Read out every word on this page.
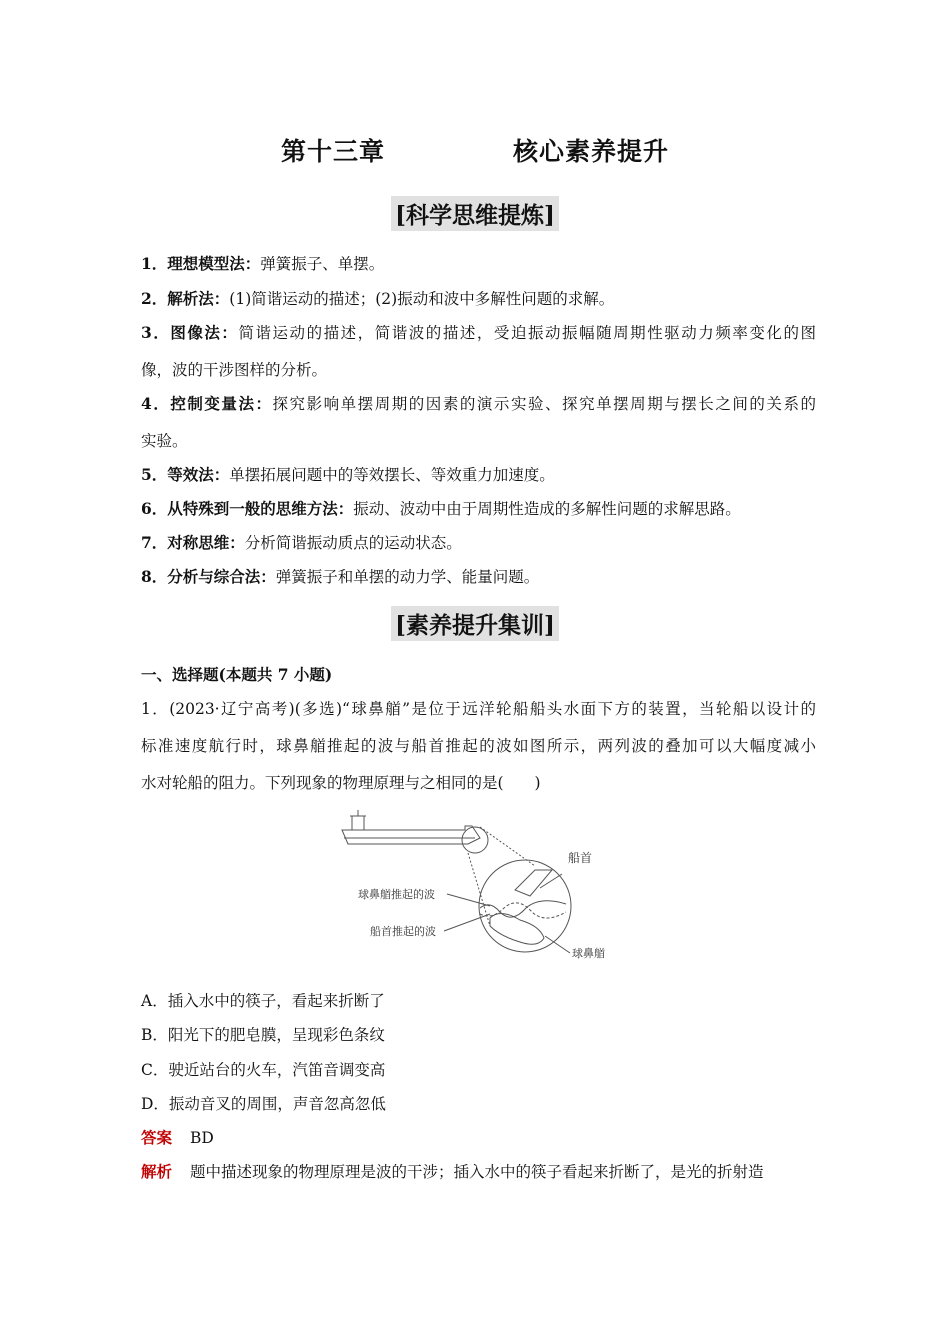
第十三章	核心素养提升
[科学思维提炼]
1．理想模型法：弹簧振子、单摆。
2．解析法：(1)简谐运动的描述；(2)振动和波中多解性问题的求解。
3．图像法：简谐运动的描述，简谐波的描述，受迫振动振幅随周期性驱动力频率变化的图
像，波的干涉图样的分析。
4．控制变量法：探究影响单摆周期的因素的演示实验、探究单摆周期与摆长之间的关系的
实验。
5．等效法：单摆拓展问题中的等效摆长、等效重力加速度。
6．从特殊到一般的思维方法：振动、波动中由于周期性造成的多解性问题的求解思路。
7．对称思维：分析简谐振动质点的运动状态。
8．分析与综合法：弹簧振子和单摆的动力学、能量问题。
[素养提升集训]
一、选择题(本题共 7 小题)
1．(2023·辽宁高考)(多选)“球鼻艏”是位于远洋轮船船头水面下方的装置，当轮船以设计的
标准速度航行时，球鼻艏推起的波与船首推起的波如图所示，两列波的叠加可以大幅度减小
水对轮船的阻力。下列现象的物理原理与之相同的是(　　)
船首
球鼻艏推起的波
船首推起的波
球鼻艏
A．插入水中的筷子，看起来折断了
B．阳光下的肥皂膜，呈现彩色条纹
C．驶近站台的火车，汽笛音调变高
D．振动音叉的周围，声音忽高忽低
答案 BD
解析 题中描述现象的物理原理是波的干涉；插入水中的筷子看起来折断了，是光的折射造
